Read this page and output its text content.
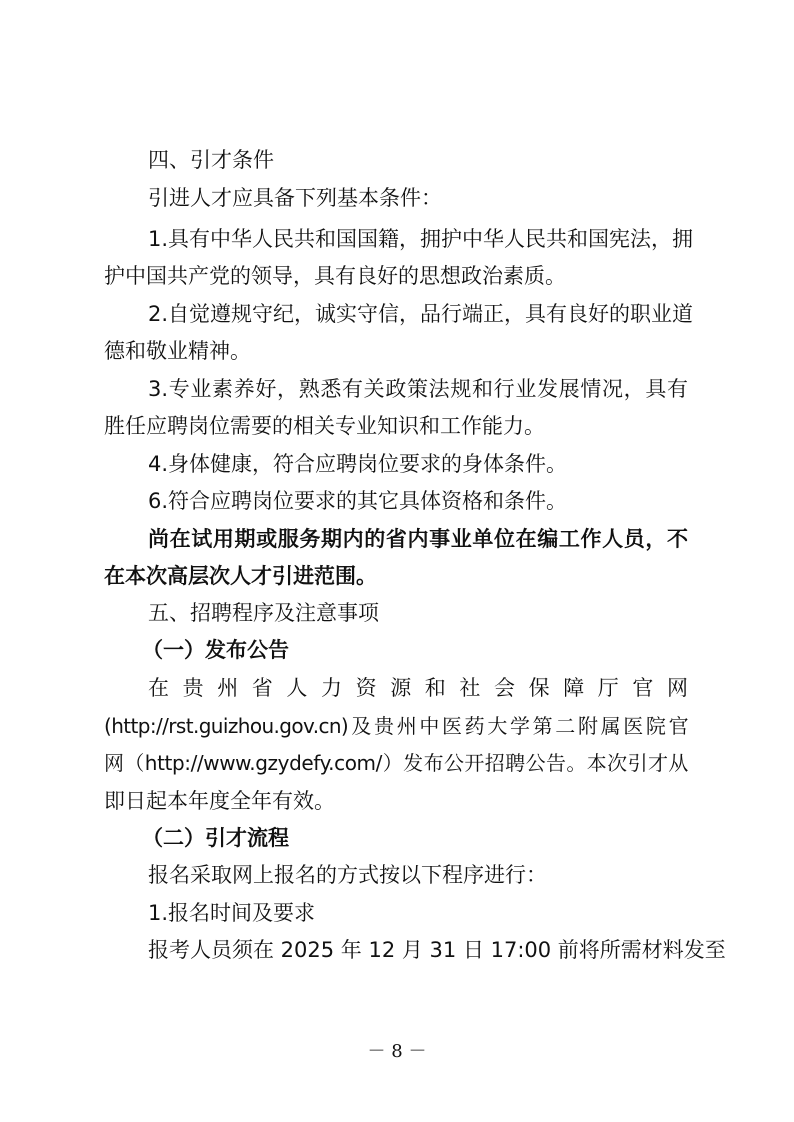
四、引才条件
引进人才应具备下列基本条件：
1.具有中华人民共和国国籍，拥护中华人民共和国宪法，拥
护中国共产党的领导，具有良好的思想政治素质。
2.自觉遵规守纪，诚实守信，品行端正，具有良好的职业道
德和敬业精神。
3.专业素养好，熟悉有关政策法规和行业发展情况，具有
胜任应聘岗位需要的相关专业知识和工作能力。
4.身体健康，符合应聘岗位要求的身体条件。
6.符合应聘岗位要求的其它具体资格和条件。
尚在试用期或服务期内的省内事业单位在编工作人员，不
在本次高层次人才引进范围。
五、招聘程序及注意事项
（一）发布公告
在贵州省人力资源和社会保障厅官网
(http://rst.guizhou.gov.cn)及贵州中医药大学第二附属医院官
网（http://www.gzydefy.com/）发布公开招聘公告。本次引才从
即日起本年度全年有效。
（二）引才流程
报名采取网上报名的方式按以下程序进行：
1.报名时间及要求
报考人员须在 2025 年 12 月 31 日 17:00 前将所需材料发至
－ 8 －
